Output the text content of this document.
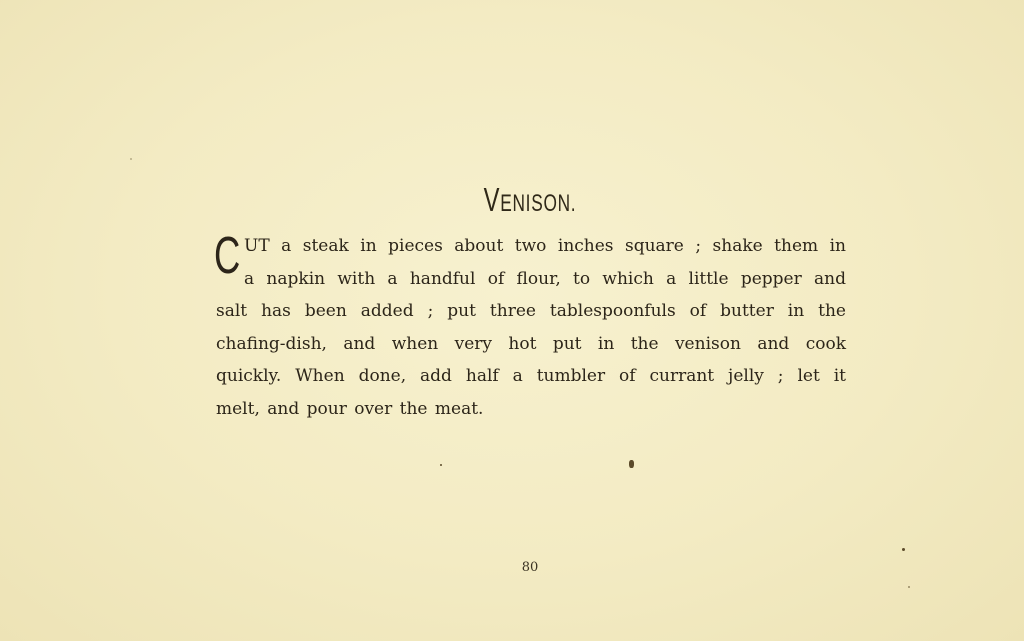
VENISON.
C UT a steak in pieces about two inches square ; shake them in
a napkin with a handful of flour, to which a little pepper and
salt has been added ; put three tablespoonfuls of butter in the
chafing-dish, and when very hot put in the venison and cook
quickly. When done, add half a tumbler of currant jelly ; let it
melt, and pour over the meat.
80
